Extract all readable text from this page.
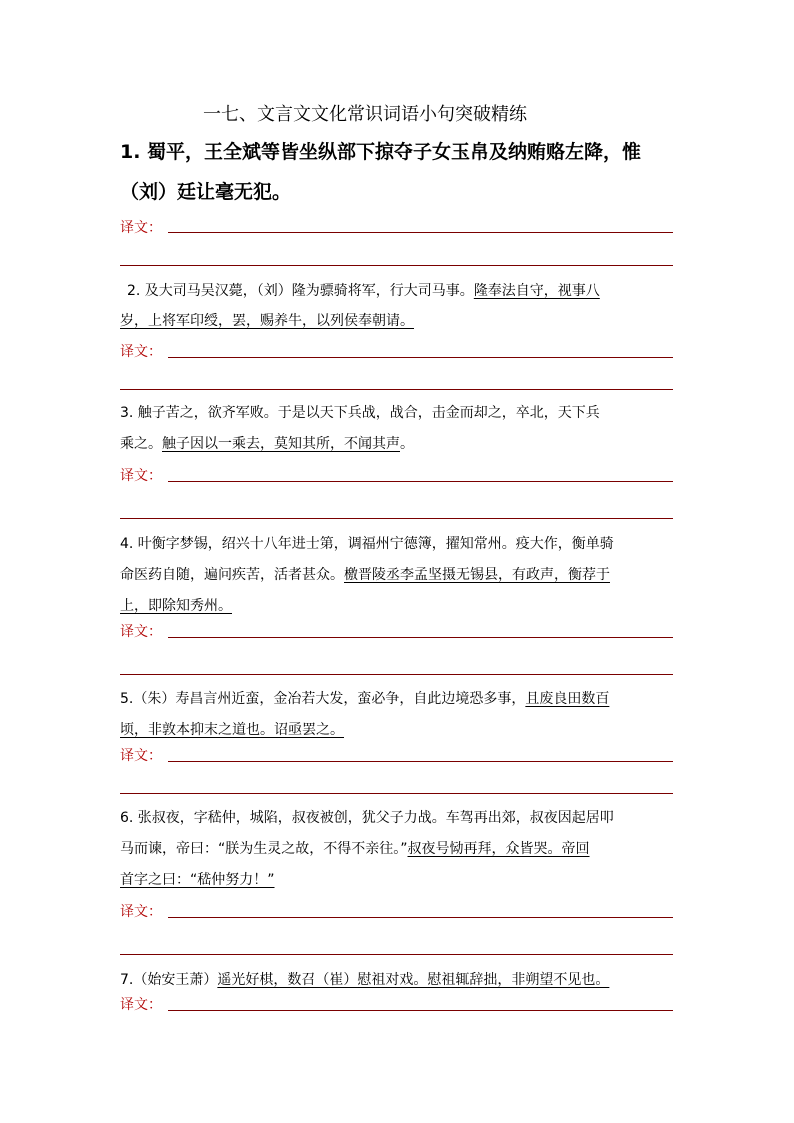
一七、文言文文化常识词语小句突破精练
1. 蜀平，王全斌等皆坐纵部下掠夺子女玉帛及纳贿赂左降，惟
（刘）廷让毫无犯。
译文：
2. 及大司马吴汉薨，（刘）隆为骠骑将军，行大司马事。隆奉法自守，视事八
岁，上将军印绶，罢，赐养牛，以列侯奉朝请。
译文：
3. 触子苦之，欲齐军败。于是以天下兵战，战合，击金而却之，卒北，天下兵
乘之。触子因以一乘去，莫知其所，不闻其声。
译文：
4. 叶衡字梦锡，绍兴十八年进士第，调福州宁德簿，擢知常州。疫大作，衡单骑
命医药自随，遍问疾苦，活者甚众。檄晋陵丞李孟坚摄无锡县，有政声，衡荐于
上，即除知秀州。
译文：
5.（朱）寿昌言州近蛮，金冶若大发，蛮必争，自此边境恐多事，且废良田数百
顷，非敦本抑末之道也。诏亟罢之。
译文：
6. 张叔夜，字嵇仲，城陷，叔夜被创，犹父子力战。车驾再出郊，叔夜因起居叩
马而谏，帝曰：“朕为生灵之故，不得不亲往。”叔夜号恸再拜，众皆哭。帝回
首字之曰：“嵇仲努力！”
译文：
7.（始安王萧）遥光好棋，数召（崔）慰祖对戏。慰祖辄辞拙，非朔望不见也。
译文：
